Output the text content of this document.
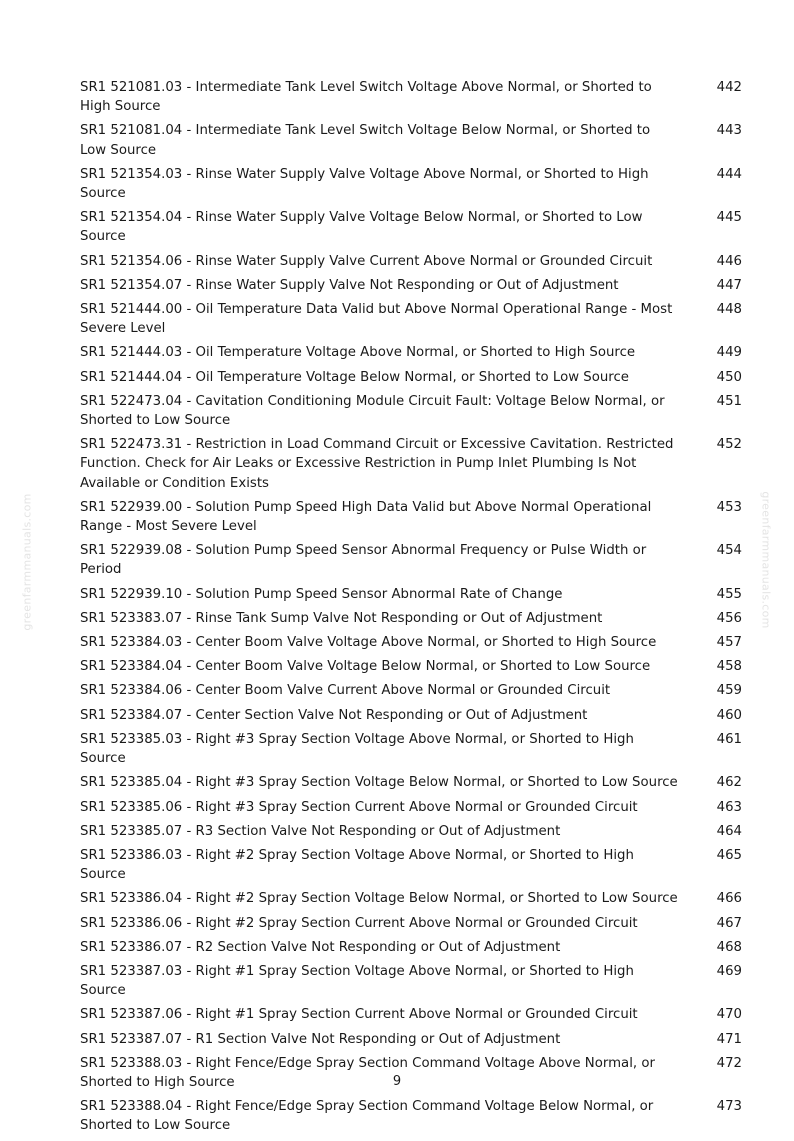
greenfarmmanuals.com	greenfarmmanuals.com
SR1 521081.03 - Intermediate Tank Level Switch Voltage Above Normal, or Shorted to High Source
442
SR1 521081.04 - Intermediate Tank Level Switch Voltage Below Normal, or Shorted to Low Source
443
SR1 521354.03 - Rinse Water Supply Valve Voltage Above Normal, or Shorted to High Source
444
SR1 521354.04 - Rinse Water Supply Valve Voltage Below Normal, or Shorted to Low Source
445
SR1 521354.06 - Rinse Water Supply Valve Current Above Normal or Grounded Circuit	446
SR1 521354.07 - Rinse Water Supply Valve Not Responding or Out of Adjustment	447
SR1 521444.00 - Oil Temperature Data Valid but Above Normal Operational Range - Most Severe Level
448
SR1 521444.03 - Oil Temperature Voltage Above Normal, or Shorted to High Source	449
SR1 521444.04 - Oil Temperature Voltage Below Normal, or Shorted to Low Source	450
SR1 522473.04 - Cavitation Conditioning Module Circuit Fault: Voltage Below Normal, or Shorted to Low Source
451
SR1 522473.31 - Restriction in Load Command Circuit or Excessive Cavitation. Restricted Function. Check for Air Leaks or Excessive Restriction in Pump Inlet Plumbing Is Not Available or Condition Exists
452
SR1 522939.00 - Solution Pump Speed High Data Valid but Above Normal Operational Range - Most Severe Level
453
SR1 522939.08 - Solution Pump Speed Sensor Abnormal Frequency or Pulse Width or Period
454
SR1 522939.10 - Solution Pump Speed Sensor Abnormal Rate of Change	455
SR1 523383.07 - Rinse Tank Sump Valve Not Responding or Out of Adjustment	456
SR1 523384.03 - Center Boom Valve Voltage Above Normal, or Shorted to High Source	457
SR1 523384.04 - Center Boom Valve Voltage Below Normal, or Shorted to Low Source	458
SR1 523384.06 - Center Boom Valve Current Above Normal or Grounded Circuit	459
SR1 523384.07 - Center Section Valve Not Responding or Out of Adjustment	460
SR1 523385.03 - Right #3 Spray Section Voltage Above Normal, or Shorted to High Source
461
SR1 523385.04 - Right #3 Spray Section Voltage Below Normal, or Shorted to Low Source	462
SR1 523385.06 - Right #3 Spray Section Current Above Normal or Grounded Circuit	463
SR1 523385.07 - R3 Section Valve Not Responding or Out of Adjustment	464
SR1 523386.03 - Right #2 Spray Section Voltage Above Normal, or Shorted to High Source
465
SR1 523386.04 - Right #2 Spray Section Voltage Below Normal, or Shorted to Low Source	466
SR1 523386.06 - Right #2 Spray Section Current Above Normal or Grounded Circuit	467
SR1 523386.07 - R2 Section Valve Not Responding or Out of Adjustment	468
SR1 523387.03 - Right #1 Spray Section Voltage Above Normal, or Shorted to High Source
469
SR1 523387.06 - Right #1 Spray Section Current Above Normal or Grounded Circuit	470
SR1 523387.07 - R1 Section Valve Not Responding or Out of Adjustment	471
SR1 523388.03 - Right Fence/Edge Spray Section Command Voltage Above Normal, or Shorted to High Source
472
SR1 523388.04 - Right Fence/Edge Spray Section Command Voltage Below Normal, or Shorted to Low Source
473
9
